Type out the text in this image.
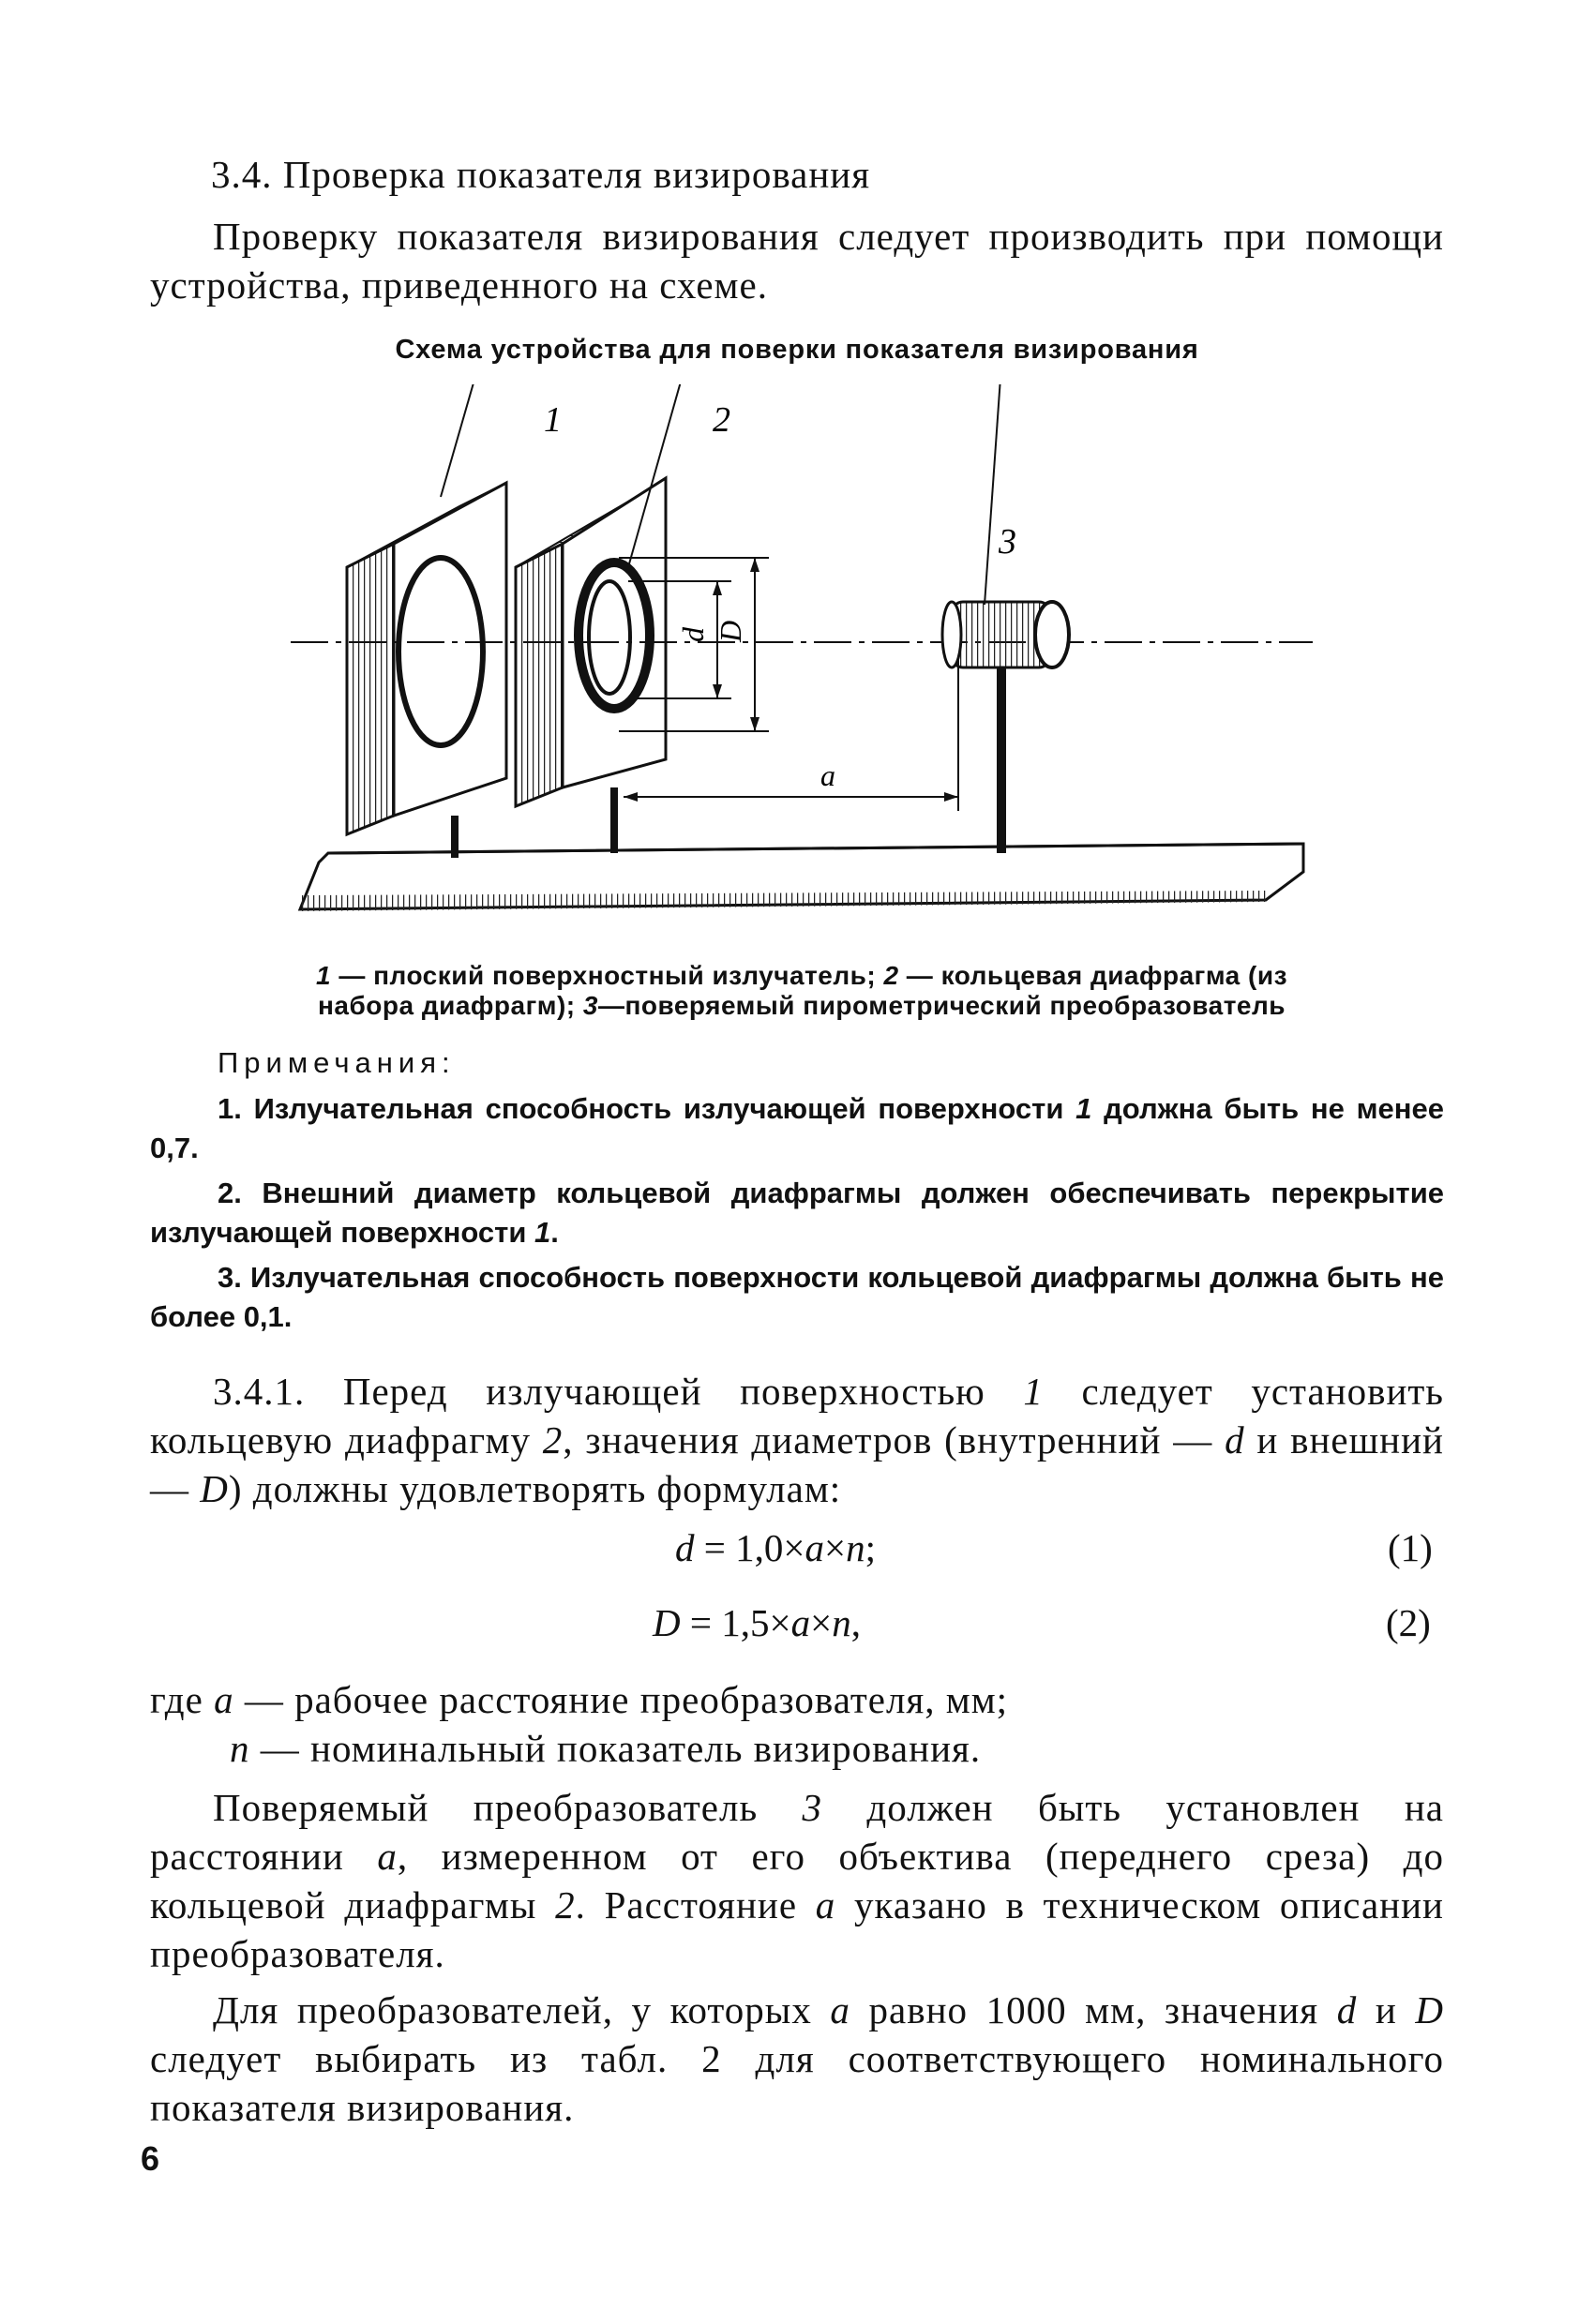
3.4. Проверка показателя визирования

Проверку показателя визирования следует производить при помощи устройства, приведенного на схеме.

Схема устройства для поверки показателя визирования

1	2
3
d D
a

1 — плоский поверхностный излучатель; 2 — кольцевая диафрагма (из набора диафрагм); 3—поверяемый пирометрический преобразователь

Примечания:

1. Излучательная способность излучающей поверхности 1 должна быть не менее 0,7.

2. Внешний диаметр кольцевой диафрагмы должен обеспечивать перекрытие излучающей поверхности 1.

3. Излучательная способность поверхности кольцевой диафрагмы должна быть не более 0,1.

3.4.1. Перед излучающей поверхностью 1 следует установить кольцевую диафрагму 2, значения диаметров (внутренний — d и внешний — D) должны удовлетворять формулам:

d = 1,0×a×n;	(1)

D = 1,5×a×n,	(2)

где a — рабочее расстояние преобразователя, мм;

n — номинальный показатель визирования.

Поверяемый преобразователь 3 должен быть установлен на расстоянии a, измеренном от его объектива (переднего среза) до кольцевой диафрагмы 2. Расстояние a указано в техническом описании преобразователя.

Для преобразователей, у которых a равно 1000 мм, значения d и D следует выбирать из табл. 2 для соответствующего номинального показателя визирования.

6
